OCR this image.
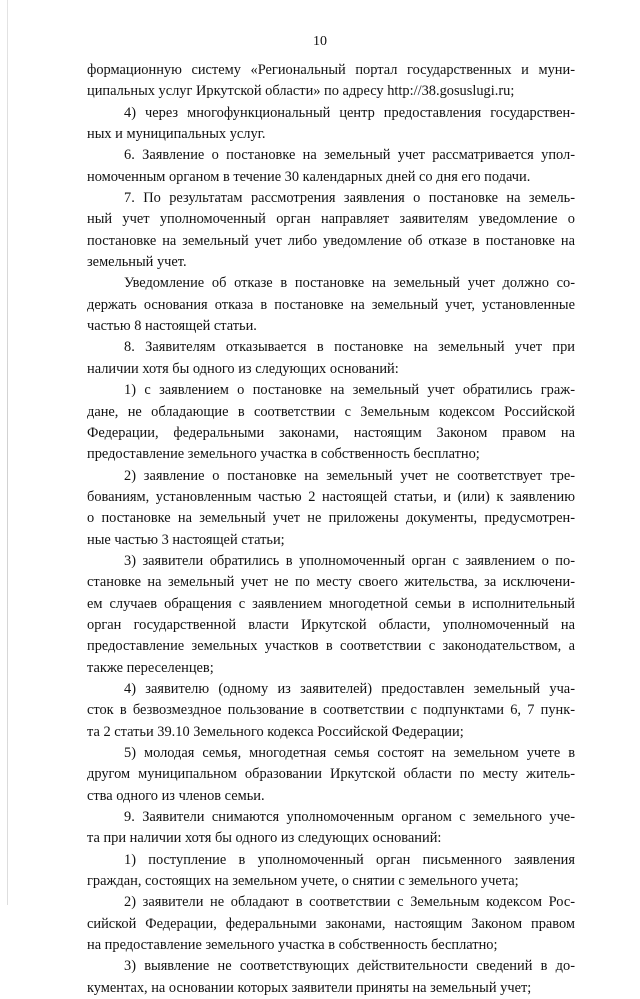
10
формационную систему «Региональный портал государственных и муни-
ципальных услуг Иркутской области» по адресу http://38.gosuslugi.ru;
4) через многофункциональный центр предоставления государствен-
ных и муниципальных услуг.
6. Заявление о постановке на земельный учет рассматривается упол-
номоченным органом в течение 30 календарных дней со дня его подачи.
7. По результатам рассмотрения заявления о постановке на земель-
ный учет уполномоченный орган направляет заявителям уведомление о
постановке на земельный учет либо уведомление об отказе в постановке на
земельный учет.
Уведомление об отказе в постановке на земельный учет должно со-
держать основания отказа в постановке на земельный учет, установленные
частью 8 настоящей статьи.
8. Заявителям отказывается в постановке на земельный учет при
наличии хотя бы одного из следующих оснований:
1) с заявлением о постановке на земельный учет обратились граж-
дане, не обладающие в соответствии с Земельным кодексом Российской
Федерации, федеральными законами, настоящим Законом правом на
предоставление земельного участка в собственность бесплатно;
2) заявление о постановке на земельный учет не соответствует тре-
бованиям, установленным частью 2 настоящей статьи, и (или) к заявлению
о постановке на земельный учет не приложены документы, предусмотрен-
ные частью 3 настоящей статьи;
3) заявители обратились в уполномоченный орган с заявлением о по-
становке на земельный учет не по месту своего жительства, за исключени-
ем случаев обращения с заявлением многодетной семьи в исполнительный
орган государственной власти Иркутской области, уполномоченный на
предоставление земельных участков в соответствии с законодательством, а
также переселенцев;
4) заявителю (одному из заявителей) предоставлен земельный уча-
сток в безвозмездное пользование в соответствии с подпунктами 6, 7 пунк-
та 2 статьи 39.10 Земельного кодекса Российской Федерации;
5) молодая семья, многодетная семья состоят на земельном учете в
другом муниципальном образовании Иркутской области по месту житель-
ства одного из членов семьи.
9. Заявители снимаются уполномоченным органом с земельного уче-
та при наличии хотя бы одного из следующих оснований:
1) поступление в уполномоченный орган письменного заявления
граждан, состоящих на земельном учете, о снятии с земельного учета;
2) заявители не обладают в соответствии с Земельным кодексом Рос-
сийской Федерации, федеральными законами, настоящим Законом правом
на предоставление земельного участка в собственность бесплатно;
3) выявление не соответствующих действительности сведений в до-
кументах, на основании которых заявители приняты на земельный учет;
